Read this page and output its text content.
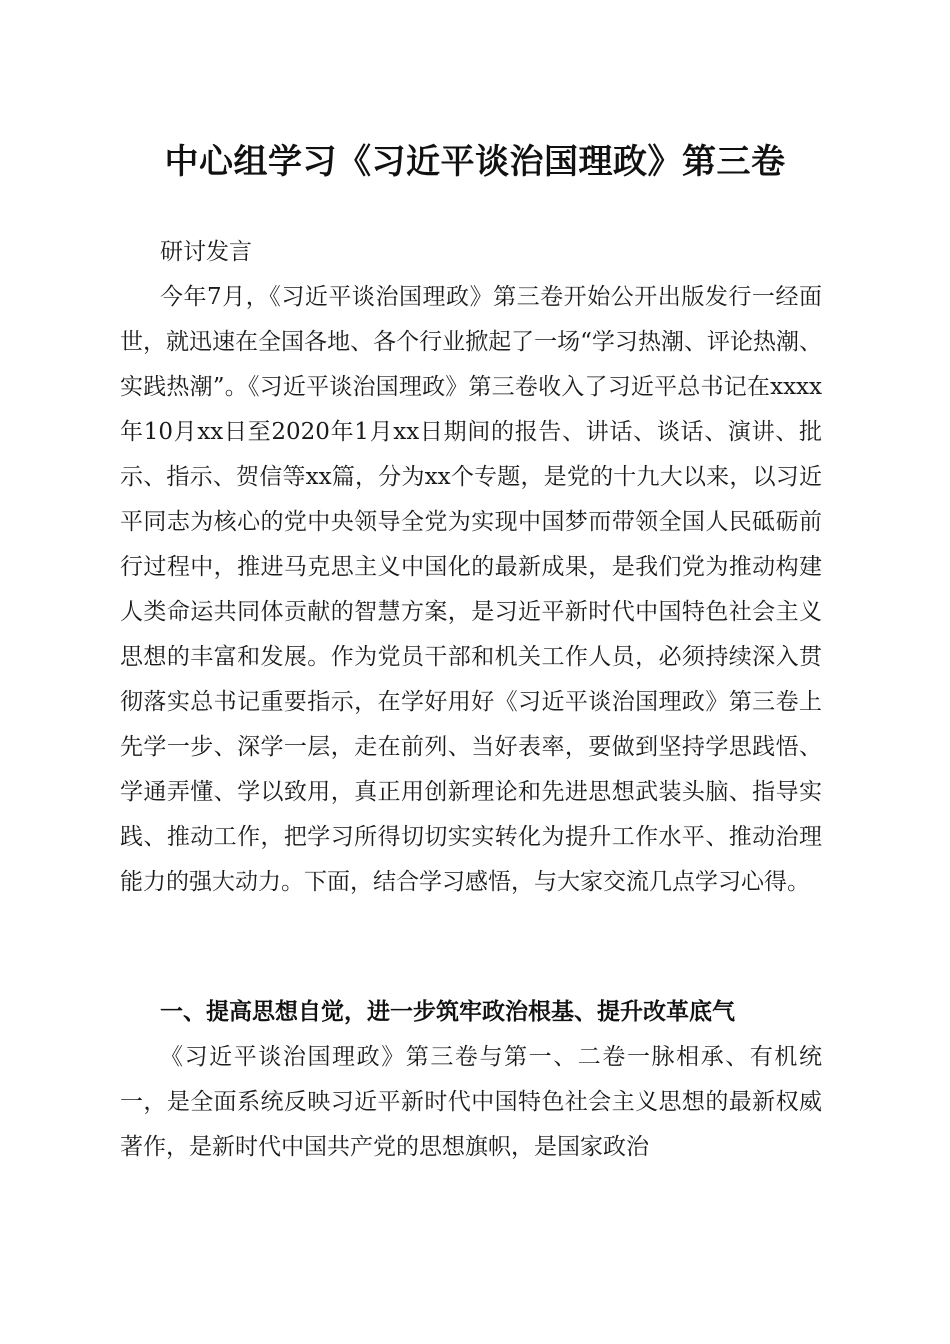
中心组学习《习近平谈治国理政》第三卷

研讨发言

今年7月，《习近平谈治国理政》第三卷开始公开出版发行一经面世，就迅速在全国各地、各个行业掀起了一场“学习热潮、评论热潮、实践热潮”。《习近平谈治国理政》第三卷收入了习近平总书记在xxxx年10月xx日至2020年1月xx日期间的报告、讲话、谈话、演讲、批示、指示、贺信等xx篇，分为xx个专题，是党的十九大以来，以习近平同志为核心的党中央领导全党为实现中国梦而带领全国人民砥砺前行过程中，推进马克思主义中国化的最新成果，是我们党为推动构建人类命运共同体贡献的智慧方案，是习近平新时代中国特色社会主义思想的丰富和发展。作为党员干部和机关工作人员，必须持续深入贯彻落实总书记重要指示，在学好用好《习近平谈治国理政》第三卷上先学一步、深学一层，走在前列、当好表率，要做到坚持学思践悟、学通弄懂、学以致用，真正用创新理论和先进思想武装头脑、指导实践、推动工作，把学习所得切切实实转化为提升工作水平、推动治理能力的强大动力。下面，结合学习感悟，与大家交流几点学习心得。

一、提高思想自觉，进一步筑牢政治根基、提升改革底气

《习近平谈治国理政》第三卷与第一、二卷一脉相承、有机统一，是全面系统反映习近平新时代中国特色社会主义思想的最新权威著作，是新时代中国共产党的思想旗帜，是国家政治
